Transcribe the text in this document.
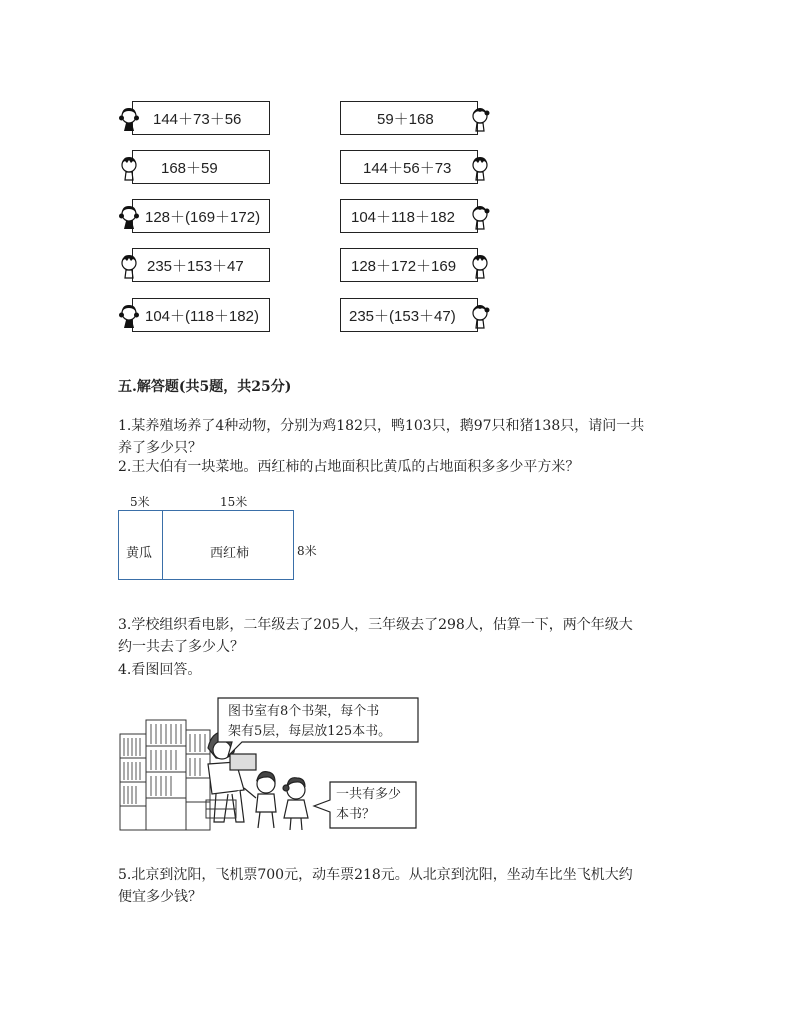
144＋73＋56
168＋59
128＋(169＋172)
235＋153＋47
104＋(118＋182)
59＋168
144＋56＋73
104＋118＋182
128＋172＋169
235＋(153＋47)
五.解答题(共5题，共25分)
1.某养殖场养了4种动物，分别为鸡182只，鸭103只，鹅97只和猪138只，请问一共
养了多少只？
2.王大伯有一块菜地。西红柿的占地面积比黄瓜的占地面积多多少平方米？
5米	15米
黄瓜	西红柿	8米
3.学校组织看电影，二年级去了205人，三年级去了298人，估算一下，两个年级大
约一共去了多少人？
4.看图回答。
图书室有8个书架，每个书
架有5层，每层放125本书。
一共有多少
本书？
5.北京到沈阳，飞机票700元，动车票218元。从北京到沈阳，坐动车比坐飞机大约
便宜多少钱？
